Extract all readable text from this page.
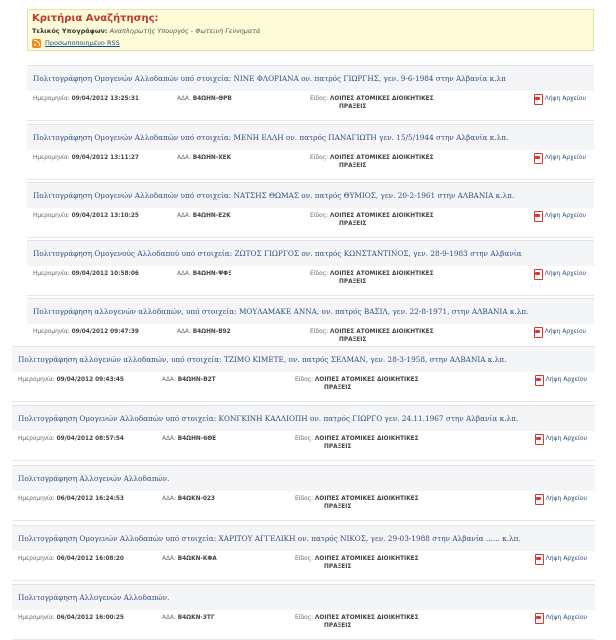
Κριτήρια Αναζήτησης:
Τελικός Υπογράφων: Αναπληρωτής Υπουργός - Φωτεινή Γεννηματά
Προσωποποιημένο RSS
Πολιτογράφηση Ομογενών Αλλοδαπών υπό στοιχεία: ΝΙΝΕ ΦΛΟΡΙΑΝΑ ον. πατρός ΓΙΩΡΓΗΣ, γεν. 9-6-1984 στην Αλβανία κ.λπ
Ημερομηνία: 09/04/2012 13:25:31	ΑΔΑ: Β4ΩΗΝ-ΘΡΒ	Είδος: ΛΟΙΠΕΣ ΑΤΟΜΙΚΕΣ ΔΙΟΙΚΗΤΙΚΕΣ
ΠΡΑΞΕΙΣ
Λήψη Αρχείου
Πολιτογράφηση Ομογενών Αλλοδαπών υπό στοιχεία: ΜΕΝΗ ΕΛΛΗ ον. πατρός ΠΑΝΑΓΙΩΤΗ γεν. 15/5/1944 στην Αλβανία κ.λπ.
Ημερομηνία: 09/04/2012 13:11:27	ΑΔΑ: Β4ΩΗΝ-ΧΕΚ	Είδος: ΛΟΙΠΕΣ ΑΤΟΜΙΚΕΣ ΔΙΟΙΚΗΤΙΚΕΣ
ΠΡΑΞΕΙΣ
Λήψη Αρχείου
Πολιτογράφηση Ομογενών Αλλοδαπών υπό στοιχεία: ΝΑΤΣΗΣ ΘΩΜΑΣ ον. πατρός ΘΥΜΙΟΣ, γεν. 20-2-1961 στην ΑΛΒΑΝΙΑ κ.λπ.
Ημερομηνία: 09/04/2012 13:10:25	ΑΔΑ: Β4ΩΗΝ-Ε2Κ	Είδος: ΛΟΙΠΕΣ ΑΤΟΜΙΚΕΣ ΔΙΟΙΚΗΤΙΚΕΣ
ΠΡΑΞΕΙΣ
Λήψη Αρχείου
Πολιτογράφηση Ομογενούς Αλλοδαπού υπό στοιχεία: ΖΩΤΟΣ ΓΙΩΡΓΟΣ ον. πατρός ΚΩΝΣΤΑΝΤΙΝΟΣ, γεν. 28-9-1983 στην Αλβανία
Ημερομηνία: 09/04/2012 10:58:06	ΑΔΑ: Β4ΩΗΝ-ΨΦΞ	Είδος: ΛΟΙΠΕΣ ΑΤΟΜΙΚΕΣ ΔΙΟΙΚΗΤΙΚΕΣ
ΠΡΑΞΕΙΣ
Λήψη Αρχείου
Πολιτογράφηση αλλογενών αλλοδαπών, υπό στοιχεία: ΜΟΥΛΑΜΑΚΕ ΑΝΝΑ, ον. πατρός ΒΑΣΙΛ, γεν. 22-8-1971, στην ΑΛΒΑΝΙΑ κ.λπ.
Ημερομηνία: 09/04/2012 09:47:39	ΑΔΑ: Β4ΩΗΝ-Β92	Είδος: ΛΟΙΠΕΣ ΑΤΟΜΙΚΕΣ ΔΙΟΙΚΗΤΙΚΕΣ
ΠΡΑΞΕΙΣ
Λήψη Αρχείου
Πολιτογράφηση αλλογενών αλλοδαπών, υπό στοιχεία: ΤΖΙΜΟ ΚΙΜΕΤΕ, ον. πατρός ΣΕΛΜΑΝ, γεν. 28-3-1958, στην ΑΛΒΑΝΙΑ κ.λπ.
Ημερομηνία: 09/04/2012 09:43:45	ΑΔΑ: Β4ΩΗΝ-Β2Τ	Είδος: ΛΟΙΠΕΣ ΑΤΟΜΙΚΕΣ ΔΙΟΙΚΗΤΙΚΕΣ
ΠΡΑΞΕΙΣ
Λήψη Αρχείου
Πολιτογράφηση Ομογενών Αλλοδαπών υπό στοιχεία: ΚΟΝΓΚΙΝΗ ΚΑΛΛΙΟΠΗ ον. πατρός ΓΙΩΡΓΟ γεν. 24.11.1967 στην Αλβανία κ.λπ.
Ημερομηνία: 09/04/2012 08:57:54	ΑΔΑ: Β4ΩΗΝ-6ΘΕ	Είδος: ΛΟΙΠΕΣ ΑΤΟΜΙΚΕΣ ΔΙΟΙΚΗΤΙΚΕΣ
ΠΡΑΞΕΙΣ
Λήψη Αρχείου
Πολιτογράφηση Αλλογενών Αλλοδαπών.
Ημερομηνία: 06/04/2012 16:24:53	ΑΔΑ: Β4ΩΚΝ-023	Είδος: ΛΟΙΠΕΣ ΑΤΟΜΙΚΕΣ ΔΙΟΙΚΗΤΙΚΕΣ
ΠΡΑΞΕΙΣ
Λήψη Αρχείου
Πολιτογράφηση Ομογενών Αλλοδαπών υπό στοιχεία: ΧΑΡΙΤΟΥ ΑΓΓΕΛΙΚΗ ον. πατρός ΝΙΚΟΣ, γεν. 29-03-1988 στην Αλβανία ...... κ.λπ.
Ημερομηνία: 06/04/2012 16:08:20	ΑΔΑ: Β4ΩΚΝ-ΚΦΑ	Είδος: ΛΟΙΠΕΣ ΑΤΟΜΙΚΕΣ ΔΙΟΙΚΗΤΙΚΕΣ
ΠΡΑΞΕΙΣ
Λήψη Αρχείου
Πολιτογράφηση Αλλογενών Αλλοδαπών.
Ημερομηνία: 06/04/2012 16:00:25	ΑΔΑ: Β4ΩΚΝ-3ΤΓ	Είδος: ΛΟΙΠΕΣ ΑΤΟΜΙΚΕΣ ΔΙΟΙΚΗΤΙΚΕΣ
ΠΡΑΞΕΙΣ
Λήψη Αρχείου
